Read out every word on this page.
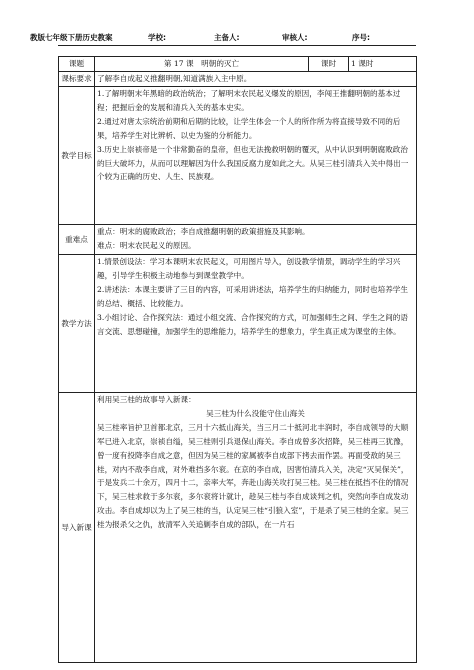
教版七年级下册历史教案	学校:	主备人:	审核人:	序号:
课题	第 17 课　明朝的灭亡	课时	1 课时
课标要求	了解李自成起义推翻明朝,知道满族入主中原。		
教学目标	1.了解明朝末年黑暗的政治统治；了解明末农民起义爆发的原因，李闯王推翻明朝的基本过程；把握后金的发展和清兵入关的基本史实。

2.通过对唐太宗统治前期和后期的比较，让学生体会一个人的所作所为将直接导致不同的后果，培养学生对比辨析、以史为鉴的分析能力。

3.历史上崇祯帝是一个非常勤奋的皇帝，但也无法挽救明朝的覆灭，从中认识到明朝腐败政治的巨大破坏力，从而可以理解因为什么我国反腐力度如此之大。从吴三桂引清兵入关中得出一个较为正确的历史、人生、民族观。		

重难点	重点：明末的腐败政治；李自成推翻明朝的政策措施及其影响。

难点：明末农民起义的原因。		

教学方法	1.情景创设法：学习本课明末农民起义，可用图片导入，创设教学情景，调动学生的学习兴趣，引导学生积极主动地参与到课堂教学中。

2.讲述法：本课主要讲了三目的内容，可采用讲述法，培养学生的归纳能力，同时也培养学生的总结、概括、比较能力。

3.小组讨论、合作探究法：通过小组交流、合作探究的方式，可加强师生之间、学生之间的语言交流、思想碰撞，加强学生的思维能力，培养学生的想象力，学生真正成为课堂的主体。		

导入新课	利用吴三桂的故事导入新课：

吴三桂为什么没能守住山海关

吴三桂率旨护卫首都北京，三月十六抵山海关，当三月二十抵河北丰润时，李自成领导的大顺军已进入北京，崇祯自缢，吴三桂则引兵退保山海关。李自成曾多次招降，吴三桂再三犹豫，曾一度有投降李自成之意，但因为吴三桂的家属被李自成部下拷去而作罢。再面受敌的吴三桂，对内不敌李自成，对外难挡多尔衮。在京的李自成，因害怕清兵入关，决定“灭吴保关”，于是发兵二十余万，四月十二，亲率大军，奔赴山海关攻打吴三桂。吴三桂在抵挡不住的情况下，吴三桂求救于多尔衮，多尔衮将计就计，趁吴三桂与李自成谈判之机，突然向李自成发动攻击。李自成却以为上了吴三桂的当，认定吴三桂“引狼入室”，于是杀了吴三桂的全家。吴三桂为报杀父之仇，放清军入关追剿李自成的部队，在一片石		
